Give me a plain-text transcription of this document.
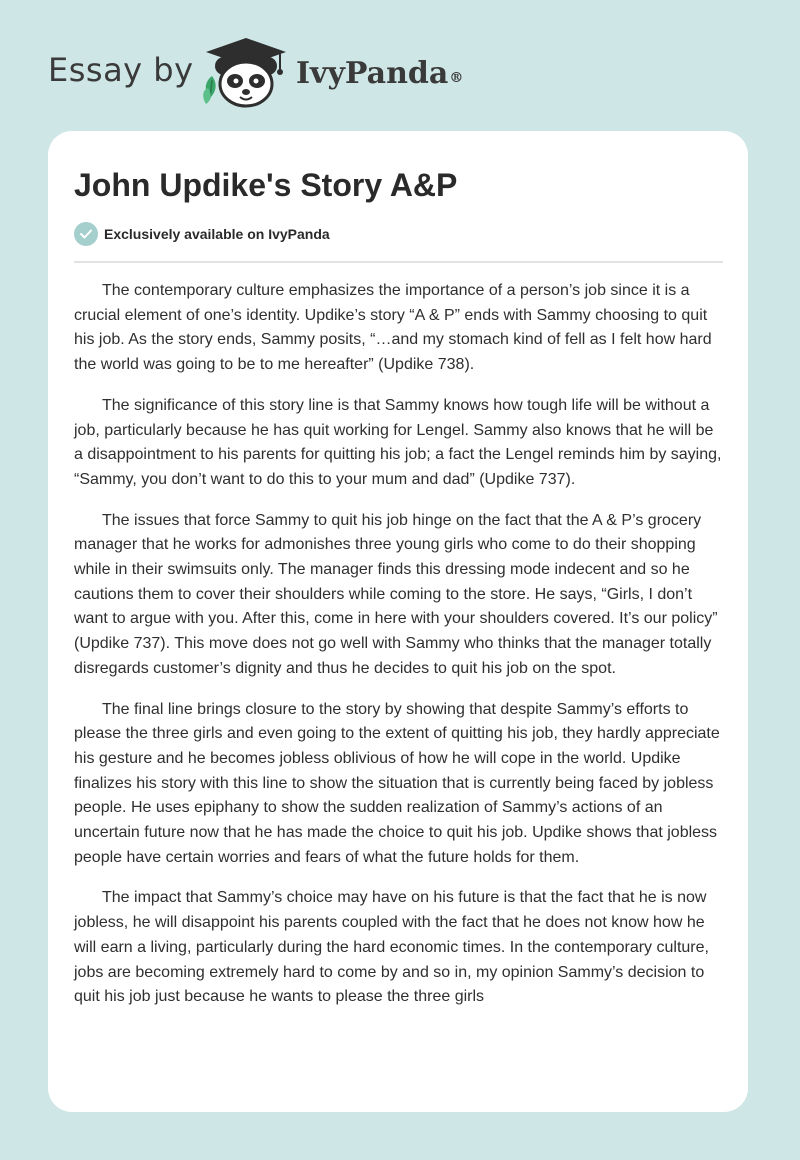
Essay by	IvyPanda®
John Updike's Story A&P
Exclusively available on IvyPanda

The contemporary culture emphasizes the importance of a person’s job since it is a crucial element of one’s identity. Updike’s story “A & P” ends with Sammy choosing to quit his job. As the story ends, Sammy posits, “…and my stomach kind of fell as I felt how hard the world was going to be to me hereafter” (Updike 738).

The significance of this story line is that Sammy knows how tough life will be without a job, particularly because he has quit working for Lengel. Sammy also knows that he will be a disappointment to his parents for quitting his job; a fact the Lengel reminds him by saying, “Sammy, you don’t want to do this to your mum and dad” (Updike 737).

The issues that force Sammy to quit his job hinge on the fact that the A & P’s grocery manager that he works for admonishes three young girls who come to do their shopping while in their swimsuits only. The manager finds this dressing mode indecent and so he cautions them to cover their shoulders while coming to the store. He says, “Girls, I don’t want to argue with you. After this, come in here with your shoulders covered. It’s our policy” (Updike 737). This move does not go well with Sammy who thinks that the manager totally disregards customer’s dignity and thus he decides to quit his job on the spot.

The final line brings closure to the story by showing that despite Sammy’s efforts to please the three girls and even going to the extent of quitting his job, they hardly appreciate his gesture and he becomes jobless oblivious of how he will cope in the world. Updike finalizes his story with this line to show the situation that is currently being faced by jobless people. He uses epiphany to show the sudden realization of Sammy’s actions of an uncertain future now that he has made the choice to quit his job. Updike shows that jobless people have certain worries and fears of what the future holds for them.

The impact that Sammy’s choice may have on his future is that the fact that he is now jobless, he will disappoint his parents coupled with the fact that he does not know how he will earn a living, particularly during the hard economic times. In the contemporary culture, jobs are becoming extremely hard to come by and so in, my opinion Sammy’s decision to quit his job just because he wants to please the three girls
